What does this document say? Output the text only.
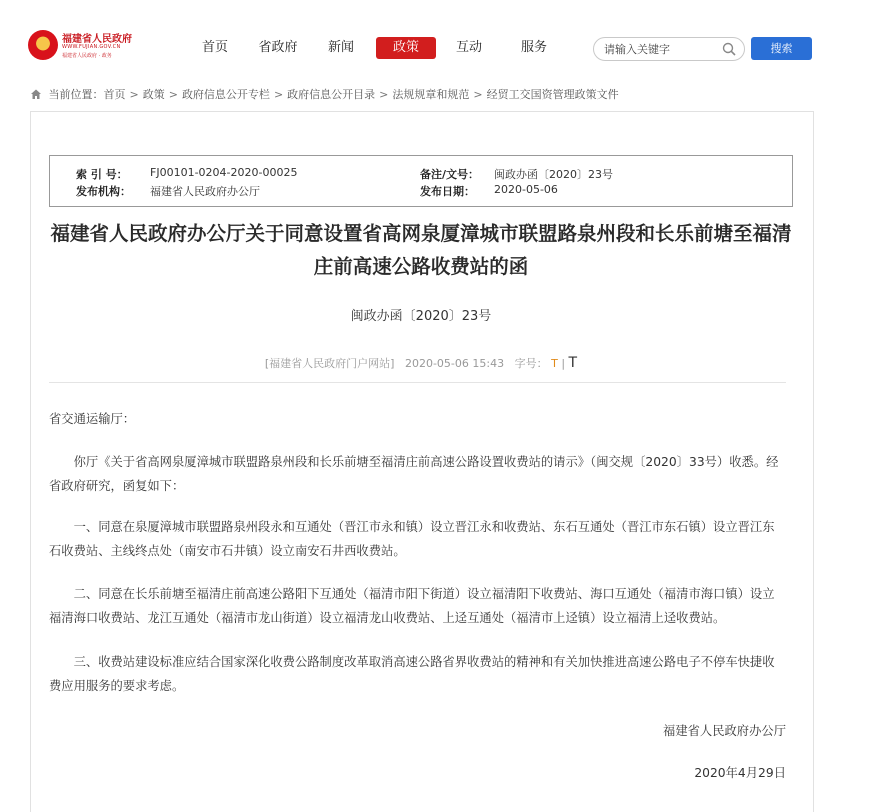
福建省人民政府
WWW.FUJIAN.GOV.CN
福建省人民政府 · 政务
首页	省政府	新闻	政策	互动	服务
请输入关键字	搜索
当前位置：首页 > 政策 > 政府信息公开专栏 > 政府信息公开目录 > 法规规章和规范 > 经贸工交国资管理政策文件
索 引 号： FJ00101-0204-2020-00025	备注/文号： 闽政办函〔2020〕23号
发布机构： 福建省人民政府办公厅	发布日期： 2020-05-06
福建省人民政府办公厅关于同意设置省高网泉厦漳城市联盟路泉州段和长乐前塘至福清庄前高速公路收费站的函
闽政办函〔2020〕23号
[福建省人民政府门户网站] 2020-05-06 15:43 字号： T | T
省交通运输厅：
你厅《关于省高网泉厦漳城市联盟路泉州段和长乐前塘至福清庄前高速公路设置收费站的请示》（闽交规〔2020〕33号）收悉。经省政府研究，函复如下：
一、同意在泉厦漳城市联盟路泉州段永和互通处（晋江市永和镇）设立晋江永和收费站、东石互通处（晋江市东石镇）设立晋江东石收费站、主线终点处（南安市石井镇）设立南安石井西收费站。
二、同意在长乐前塘至福清庄前高速公路阳下互通处（福清市阳下街道）设立福清阳下收费站、海口互通处（福清市海口镇）设立福清海口收费站、龙江互通处（福清市龙山街道）设立福清龙山收费站、上迳互通处（福清市上迳镇）设立福清上迳收费站。
三、收费站建设标准应结合国家深化收费公路制度改革取消高速公路省界收费站的精神和有关加快推进高速公路电子不停车快捷收费应用服务的要求考虑。
福建省人民政府办公厅
2020年4月29日
